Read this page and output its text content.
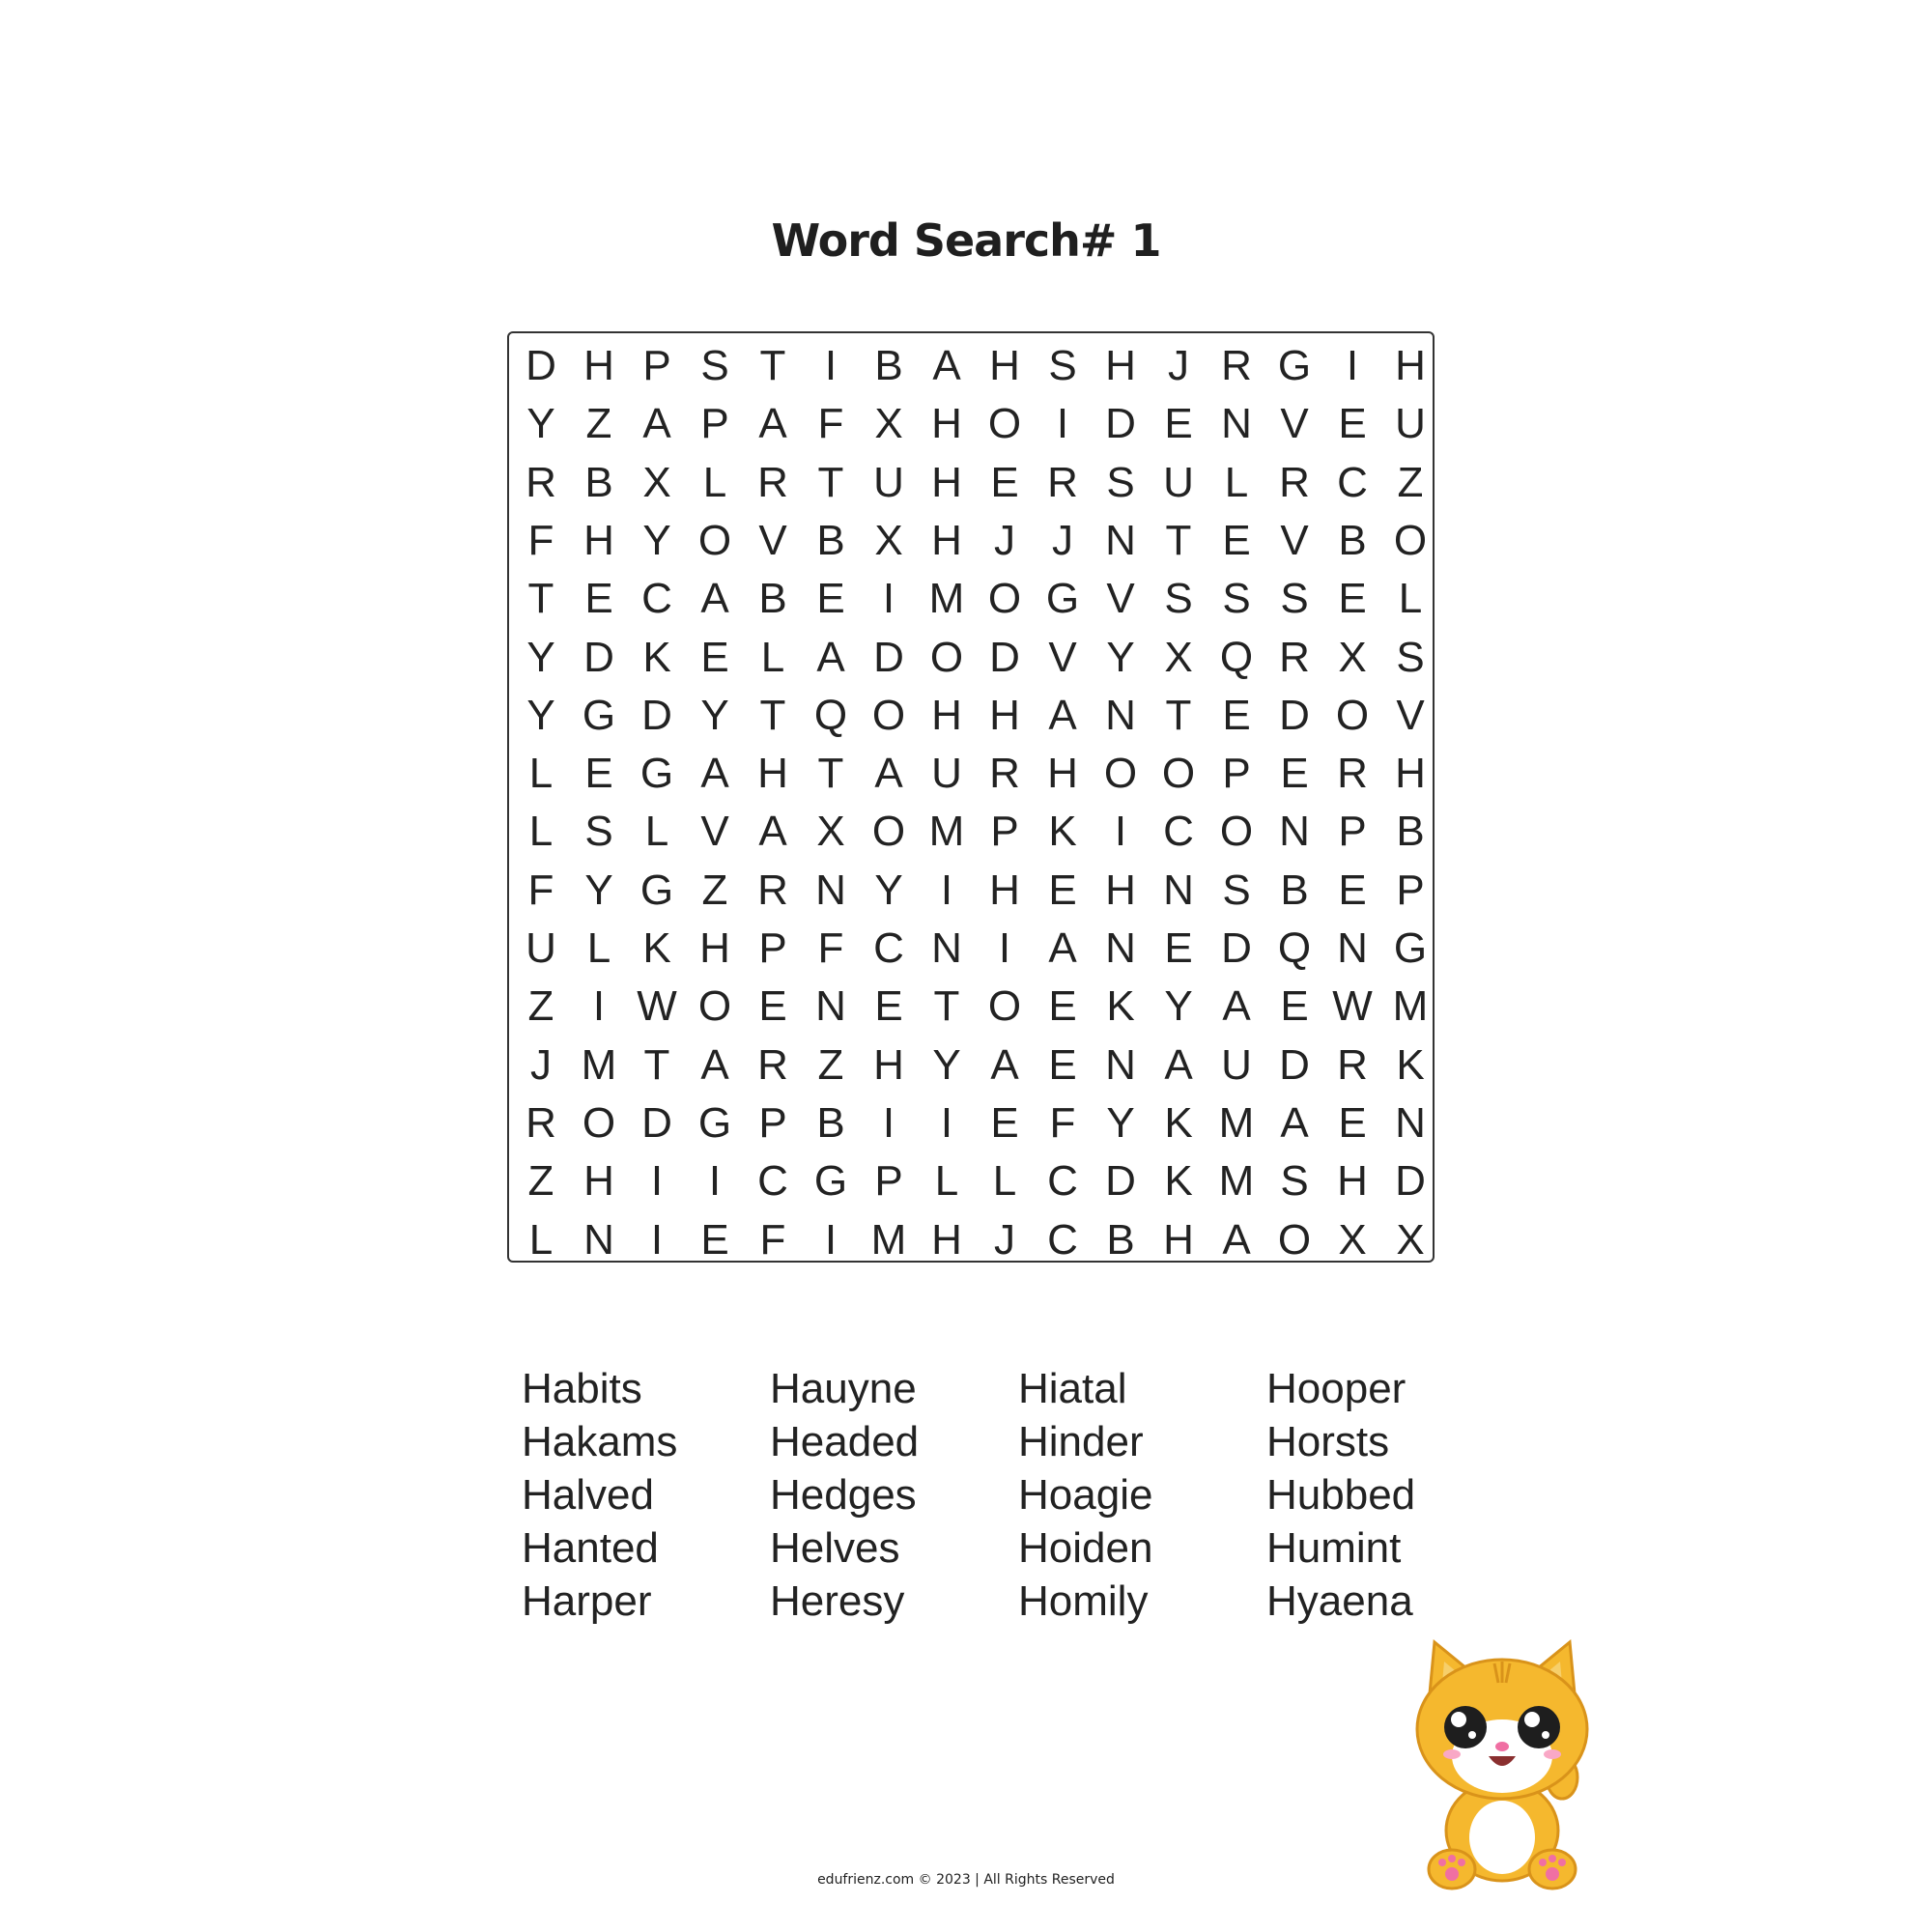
Word Search# 1
D H P S T I B A H S H J R G I H
Y Z A P A F X H O I D E N V E U
R B X L R T U H E R S U L R C Z
F H Y O V B X H J J N T E V B O
T E C A B E I M O G V S S S E L
Y D K E L A D O D V Y X Q R X S
Y G D Y T Q O H H A N T E D O V
L E G A H T A U R H O O P E R H
L S L V A X O M P K I C O N P B
F Y G Z R N Y I H E H N S B E P
U L K H P F C N I A N E D Q N G
Z I W O E N E T O E K Y A E W M
J M T A R Z H Y A E N A U D R K
R O D G P B I	I E F Y K M A E N
Z H I	I C G P L L C D K M S H D
L N I E F I M H J C B H A O X X
Habits
Hakams
Halved
Hanted
Harper
Hauyne
Headed
Hedges
Helves
Heresy
Hiatal
Hinder
Hoagie
Hoiden
Homily
Hooper
Horsts
Hubbed
Humint
Hyaena
edufrienz.com © 2023 | All Rights Reserved
